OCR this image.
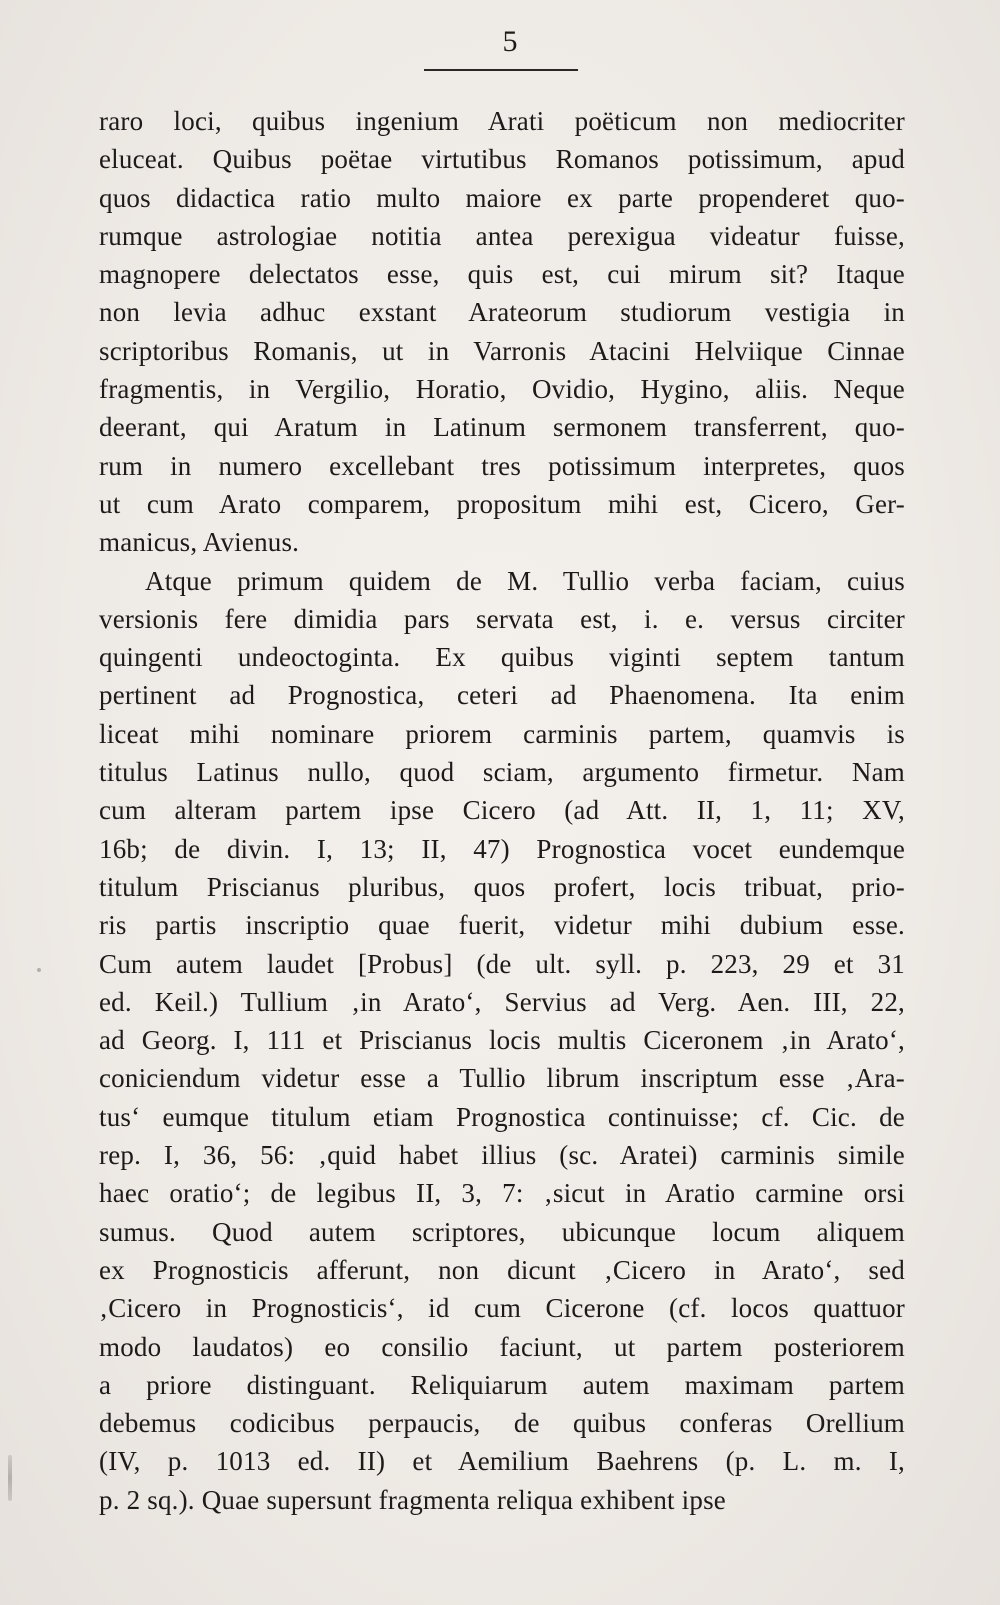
5
raro loci, quibus ingenium Arati poëticum non mediocriter
eluceat. Quibus poëtae virtutibus Romanos potissimum, apud
quos didactica ratio multo maiore ex parte propenderet quo-
rumque astrologiae notitia antea perexigua videatur fuisse,
magnopere delectatos esse, quis est, cui mirum sit? Itaque
non levia adhuc exstant Arateorum studiorum vestigia in
scriptoribus Romanis, ut in Varronis Atacini Helviique Cinnae
fragmentis, in Vergilio, Horatio, Ovidio, Hygino, aliis. Neque
deerant, qui Aratum in Latinum sermonem transferrent, quo-
rum in numero excellebant tres potissimum interpretes, quos
ut cum Arato comparem, propositum mihi est, Cicero, Ger-
manicus, Avienus.
Atque primum quidem de M. Tullio verba faciam, cuius
versionis fere dimidia pars servata est, i. e. versus circiter
quingenti undeoctoginta. Ex quibus viginti septem tantum
pertinent ad Prognostica, ceteri ad Phaenomena. Ita enim
liceat mihi nominare priorem carminis partem, quamvis is
titulus Latinus nullo, quod sciam, argumento firmetur. Nam
cum alteram partem ipse Cicero (ad Att. II, 1, 11; XV,
16b; de divin. I, 13; II, 47) Prognostica vocet eundemque
titulum Priscianus pluribus, quos profert, locis tribuat, prio-
ris partis inscriptio quae fuerit, videtur mihi dubium esse.
Cum autem laudet [Probus] (de ult. syll. p. 223, 29 et 31
ed. Keil.) Tullium ‚in Arato‘, Servius ad Verg. Aen. III, 22,
ad Georg. I, 111 et Priscianus locis multis Ciceronem ‚in Arato‘,
coniciendum videtur esse a Tullio librum inscriptum esse ‚Ara-
tus‘ eumque titulum etiam Prognostica continuisse; cf. Cic. de
rep. I, 36, 56: ‚quid habet illius (sc. Aratei) carminis simile
haec oratio‘; de legibus II, 3, 7: ‚sicut in Aratio carmine orsi
sumus. Quod autem scriptores, ubicunque locum aliquem
ex Prognosticis afferunt, non dicunt ‚Cicero in Arato‘, sed
‚Cicero in Prognosticis‘, id cum Cicerone (cf. locos quattuor
modo laudatos) eo consilio faciunt, ut partem posteriorem
a priore distinguant. Reliquiarum autem maximam partem
debemus codicibus perpaucis, de quibus conferas Orellium
(IV, p. 1013 ed. II) et Aemilium Baehrens (p. L. m. I,
p. 2 sq.). Quae supersunt fragmenta reliqua exhibent ipse
